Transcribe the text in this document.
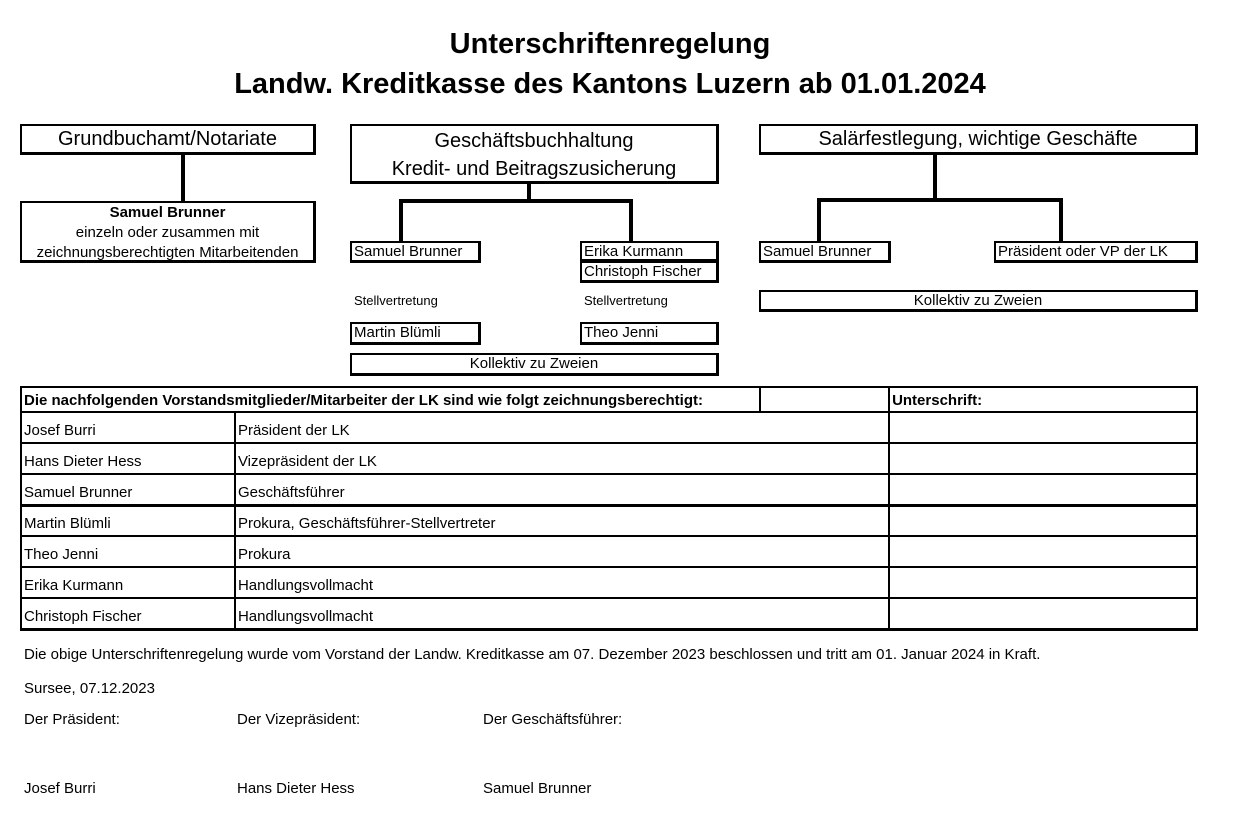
Unterschriftenregelung
Landw. Kreditkasse des Kantons Luzern ab 01.01.2024
Grundbuchamt/Notariate
Samuel Brunner
einzeln oder zusammen mit
zeichnungsberechtigten Mitarbeitenden
Geschäftsbuchhaltung
Kredit- und Beitragszusicherung
Samuel Brunner	Erika Kurmann
Christoph Fischer
Stellvertretung	Stellvertretung
Martin Blümli	Theo Jenni
Kollektiv zu Zweien
Salärfestlegung, wichtige Geschäfte
Samuel Brunner	Präsident oder VP der LK
Kollektiv zu Zweien
Die nachfolgenden Vorstandsmitglieder/Mitarbeiter der LK sind wie folgt zeichnungsberechtigt:			Unterschrift:
Josef Burri	Präsident der LK		
Hans Dieter Hess	Vizepräsident der LK		
Samuel Brunner	Geschäftsführer		
Martin Blümli	Prokura, Geschäftsführer-Stellvertreter		
Theo Jenni	Prokura		
Erika Kurmann	Handlungsvollmacht		
Christoph Fischer	Handlungsvollmacht		
Die obige Unterschriftenregelung wurde vom Vorstand der Landw. Kreditkasse am 07. Dezember 2023 beschlossen und tritt am 01. Januar 2024 in Kraft.
Sursee, 07.12.2023
Der Präsident:	Der Vizepräsident:	Der Geschäftsführer:
Josef Burri	Hans Dieter Hess	Samuel Brunner
